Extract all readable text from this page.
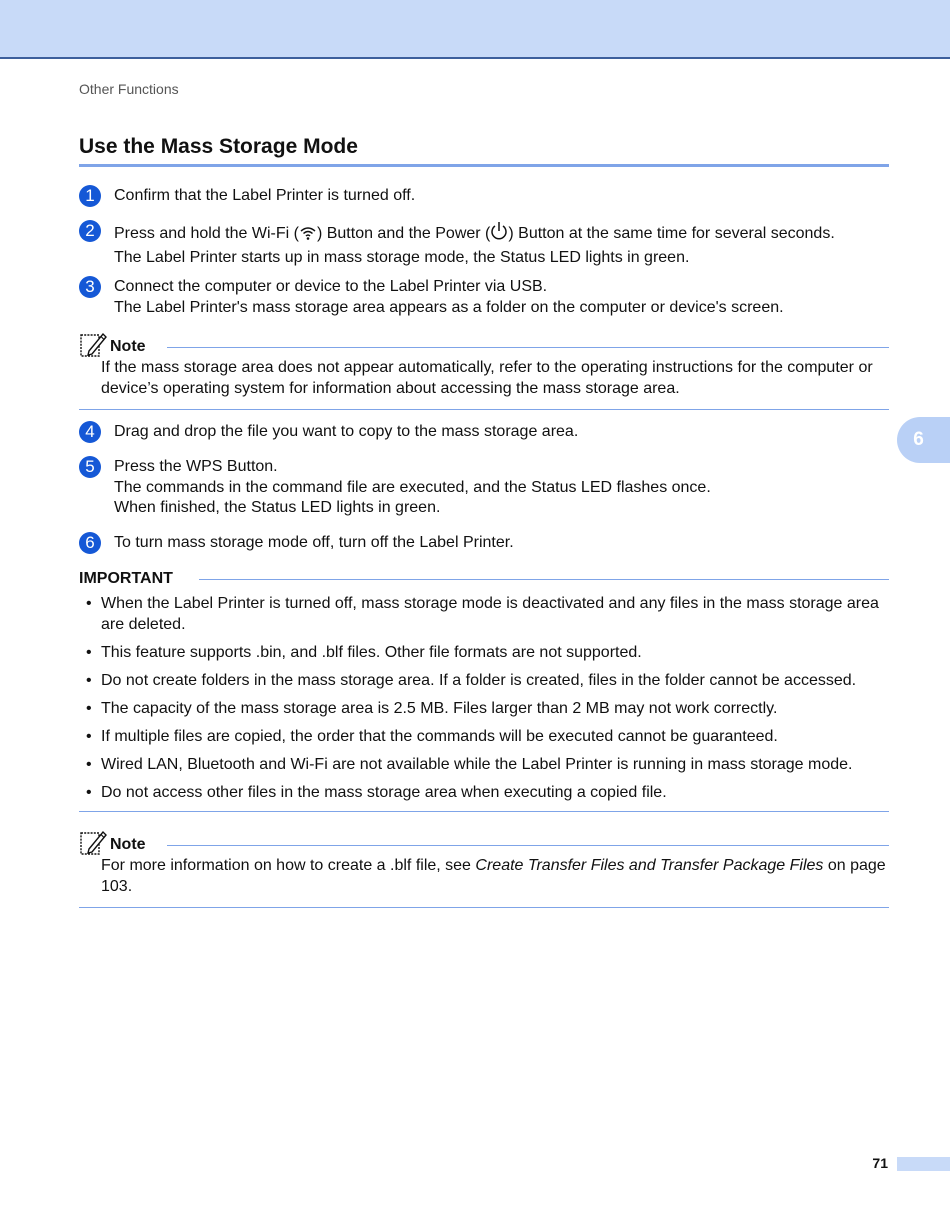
Other Functions
Use the Mass Storage Mode
1	Confirm that the Label Printer is turned off.
2	Press and hold the Wi-Fi ( ) Button and the Power ( ) Button at the same time for several seconds.
The Label Printer starts up in mass storage mode, the Status LED lights in green.
3	Connect the computer or device to the Label Printer via USB.
The Label Printer's mass storage area appears as a folder on the computer or device's screen.
Note
If the mass storage area does not appear automatically, refer to the operating instructions for the computer or device’s operating system for information about accessing the mass storage area.
4	Drag and drop the file you want to copy to the mass storage area.
5	Press the WPS Button.
The commands in the command file are executed, and the Status LED flashes once.
When finished, the Status LED lights in green.
6	To turn mass storage mode off, turn off the Label Printer.
IMPORTANT
• When the Label Printer is turned off, mass storage mode is deactivated and any files in the mass storage area are deleted.
• This feature supports .bin, and .blf files. Other file formats are not supported.
• Do not create folders in the mass storage area. If a folder is created, files in the folder cannot be accessed.
• The capacity of the mass storage area is 2.5 MB. Files larger than 2 MB may not work correctly.
• If multiple files are copied, the order that the commands will be executed cannot be guaranteed.
• Wired LAN, Bluetooth and Wi-Fi are not available while the Label Printer is running in mass storage mode.
• Do not access other files in the mass storage area when executing a copied file.
Note
For more information on how to create a .blf file, see Create Transfer Files and Transfer Package Files on page 103.
6
71
